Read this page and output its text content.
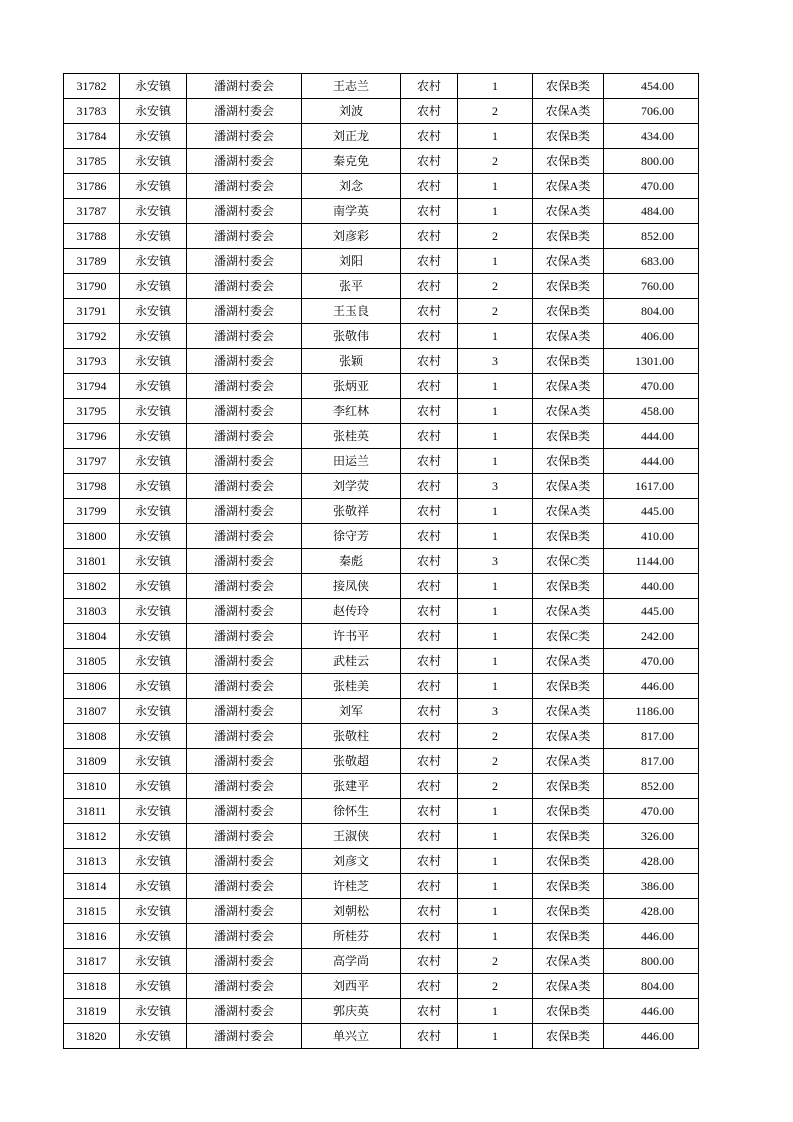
31782	永安镇	潘湖村委会	王志兰	农村	1	农保B类	454.00
31783	永安镇	潘湖村委会	刘波	农村	2	农保A类	706.00
31784	永安镇	潘湖村委会	刘正龙	农村	1	农保B类	434.00
31785	永安镇	潘湖村委会	秦克免	农村	2	农保B类	800.00
31786	永安镇	潘湖村委会	刘念	农村	1	农保A类	470.00
31787	永安镇	潘湖村委会	南学英	农村	1	农保A类	484.00
31788	永安镇	潘湖村委会	刘彦彩	农村	2	农保B类	852.00
31789	永安镇	潘湖村委会	刘阳	农村	1	农保A类	683.00
31790	永安镇	潘湖村委会	张平	农村	2	农保B类	760.00
31791	永安镇	潘湖村委会	王玉良	农村	2	农保B类	804.00
31792	永安镇	潘湖村委会	张敬伟	农村	1	农保A类	406.00
31793	永安镇	潘湖村委会	张颖	农村	3	农保B类	1301.00
31794	永安镇	潘湖村委会	张炳亚	农村	1	农保A类	470.00
31795	永安镇	潘湖村委会	李红林	农村	1	农保A类	458.00
31796	永安镇	潘湖村委会	张桂英	农村	1	农保B类	444.00
31797	永安镇	潘湖村委会	田运兰	农村	1	农保B类	444.00
31798	永安镇	潘湖村委会	刘学荧	农村	3	农保A类	1617.00
31799	永安镇	潘湖村委会	张敬祥	农村	1	农保A类	445.00
31800	永安镇	潘湖村委会	徐守芳	农村	1	农保B类	410.00
31801	永安镇	潘湖村委会	秦彪	农村	3	农保C类	1144.00
31802	永安镇	潘湖村委会	接凤侠	农村	1	农保B类	440.00
31803	永安镇	潘湖村委会	赵传玲	农村	1	农保A类	445.00
31804	永安镇	潘湖村委会	许书平	农村	1	农保C类	242.00
31805	永安镇	潘湖村委会	武桂云	农村	1	农保A类	470.00
31806	永安镇	潘湖村委会	张桂美	农村	1	农保B类	446.00
31807	永安镇	潘湖村委会	刘军	农村	3	农保A类	1186.00
31808	永安镇	潘湖村委会	张敬柱	农村	2	农保A类	817.00
31809	永安镇	潘湖村委会	张敬超	农村	2	农保A类	817.00
31810	永安镇	潘湖村委会	张建平	农村	2	农保B类	852.00
31811	永安镇	潘湖村委会	徐怀生	农村	1	农保B类	470.00
31812	永安镇	潘湖村委会	王淑侠	农村	1	农保B类	326.00
31813	永安镇	潘湖村委会	刘彦文	农村	1	农保B类	428.00
31814	永安镇	潘湖村委会	许桂芝	农村	1	农保B类	386.00
31815	永安镇	潘湖村委会	刘朝松	农村	1	农保B类	428.00
31816	永安镇	潘湖村委会	所桂芬	农村	1	农保B类	446.00
31817	永安镇	潘湖村委会	高学尚	农村	2	农保A类	800.00
31818	永安镇	潘湖村委会	刘西平	农村	2	农保A类	804.00
31819	永安镇	潘湖村委会	郭庆英	农村	1	农保B类	446.00
31820	永安镇	潘湖村委会	单兴立	农村	1	农保B类	446.00
